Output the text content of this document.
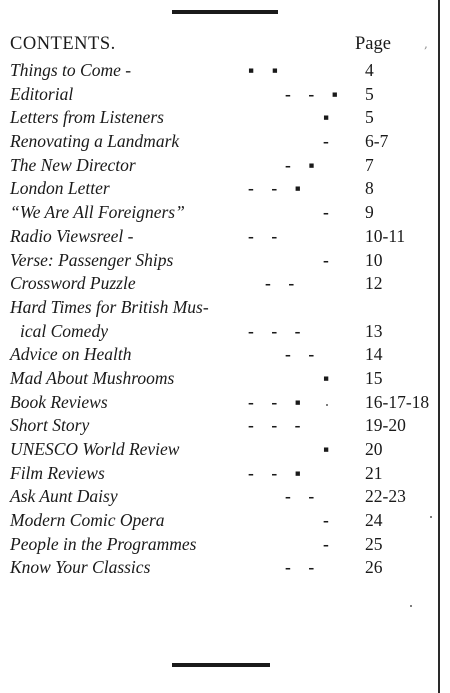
CONTENTS.	Page	,
Things to Come -	▪    ▪	4
Editorial	-    -    ▪ 5
Letters from Listeners	▪ 5
Renovating a Landmark	- 6-7
The New Director	-    ▪	7
London Letter	-    -    ▪	8
“We Are All Foreigners”	- 9
Radio Viewsreel -	-    -	10-11
Verse: Passenger Ships	- 10
Crossword Puzzle	-    -	12
Hard Times for British Mus-
ical Comedy	-    -    -	13
Advice on Health	-    -	14
Mad About Mushrooms	▪ 15
Book Reviews	-    -    ▪	16-17-18
Short Story	-    -    -	19-20
UNESCO World Review	▪ 20
Film Reviews	-    -    ▪	21
Ask Aunt Daisy	-    -	22-23
Modern Comic Opera	- 24
People in the Programmes	- 25
Know Your Classics	-    -	26
